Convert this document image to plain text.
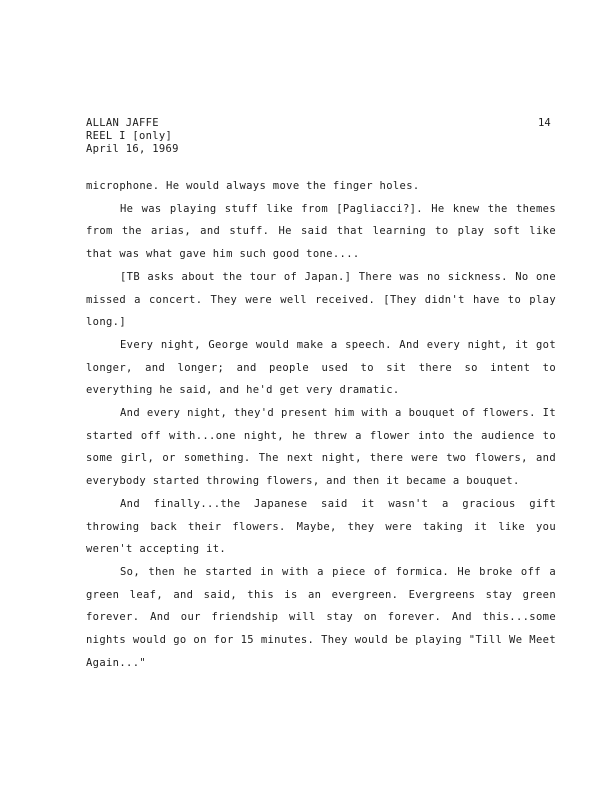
ALLAN JAFFE
REEL I [only]
April 16, 1969
14

microphone. He would always move the finger holes.

He was playing stuff like from [Pagliacci?]. He knew the themes from the arias, and stuff. He said that learning to play soft like that was what gave him such good tone....

[TB asks about the tour of Japan.] There was no sickness. No one missed a concert. They were well received. [They didn't have to play long.]

Every night, George would make a speech. And every night, it got longer, and longer; and people used to sit there so intent to everything he said, and he'd get very dramatic.

And every night, they'd present him with a bouquet of flowers. It started off with...one night, he threw a flower into the audience to some girl, or something. The next night, there were two flowers, and everybody started throwing flowers, and then it became a bouquet.

And finally...the Japanese said it wasn't a gracious gift throwing back their flowers. Maybe, they were taking it like you weren't accepting it.

So, then he started in with a piece of formica. He broke off a green leaf, and said, this is an evergreen. Evergreens stay green forever. And our friendship will stay on forever. And this...some nights would go on for 15 minutes. They would be playing "Till We Meet Again..."
